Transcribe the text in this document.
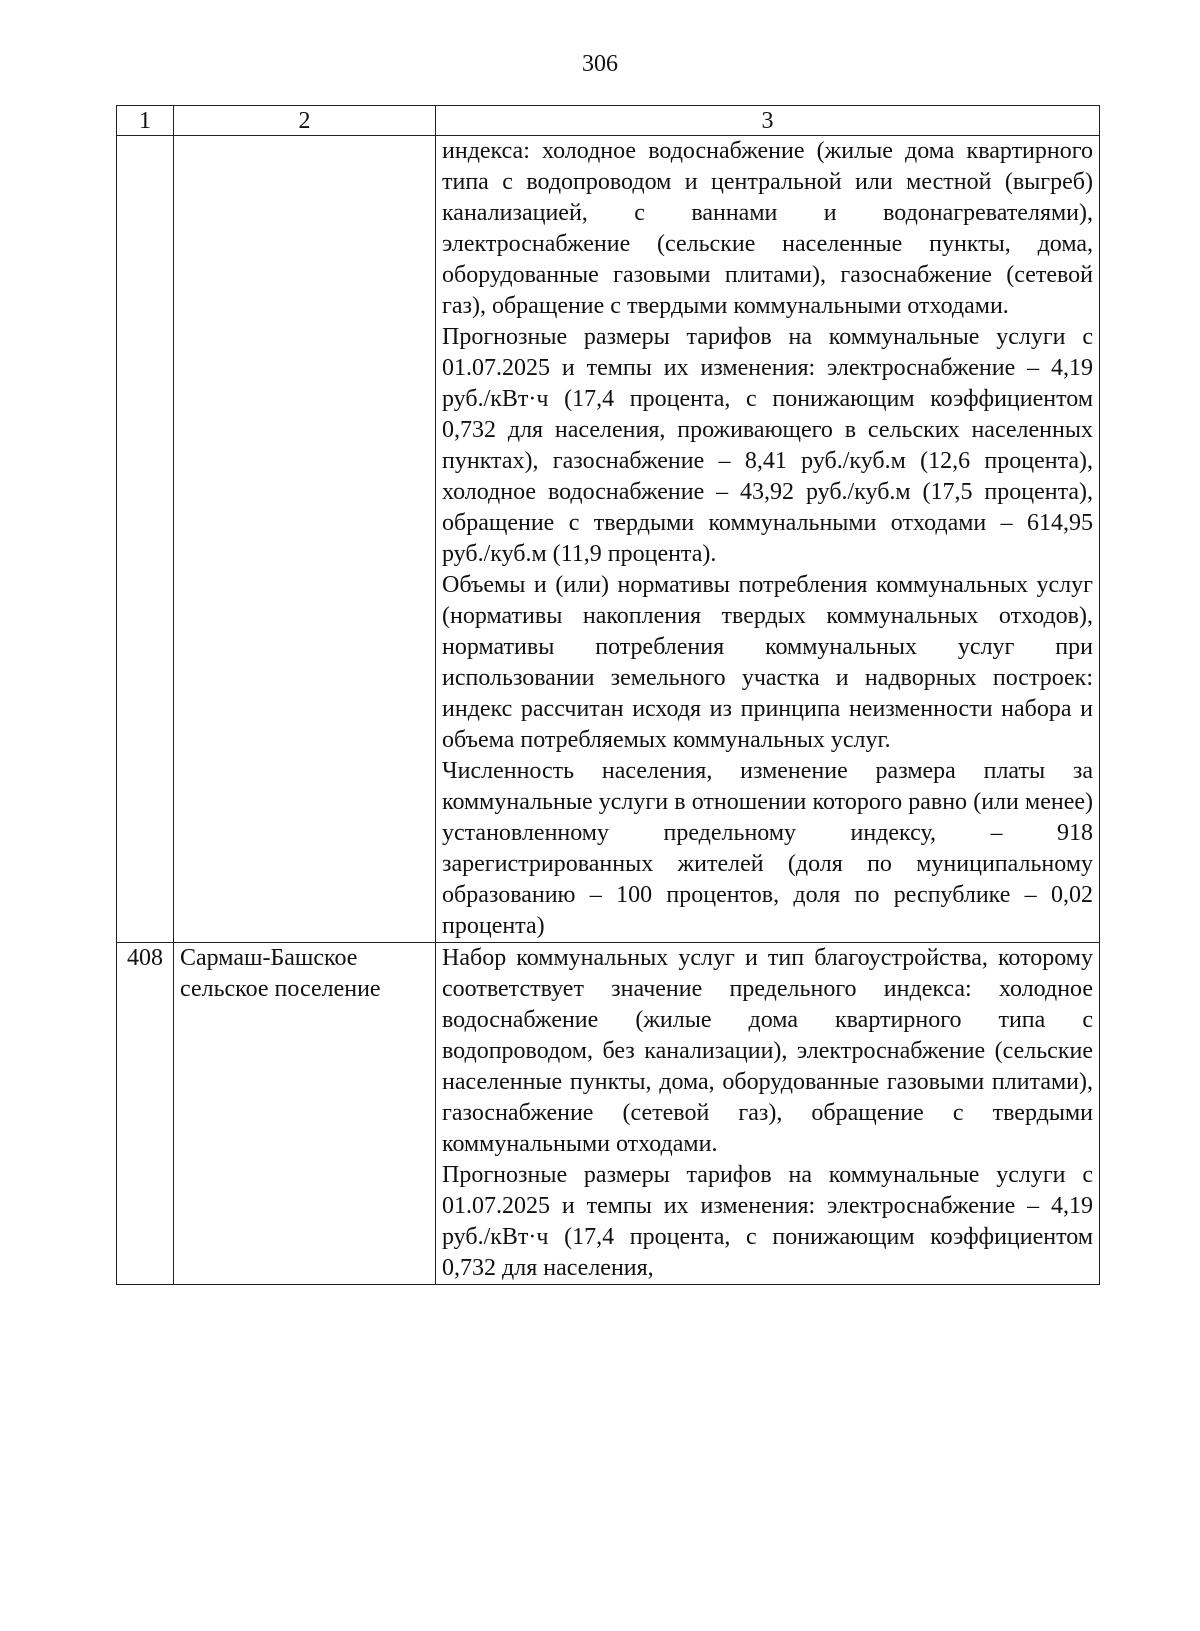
306
1	2	3

		индекса: холодное водоснабжение (жилые дома квартирного типа с водопроводом и центральной или местной (выгреб) канализацией, с ваннами и водонагревателями), электроснабжение (сельские населенные пункты, дома, оборудованные газовыми плитами), газоснабжение (сетевой газ), обращение с твердыми коммунальными отходами.

Прогнозные размеры тарифов на коммунальные услуги с 01.07.2025 и темпы их изменения: электроснабжение – 4,19 руб./кВт·ч (17,4 процента, с понижающим коэффициентом 0,732 для населения, проживающего в сельских населенных пунктах), газоснабжение – 8,41 руб./куб.м (12,6 процента), холодное водоснабжение – 43,92 руб./куб.м (17,5 процента), обращение с твердыми коммунальными отходами – 614,95 руб./куб.м (11,9 процента).

Объемы и (или) нормативы потребления коммунальных услуг (нормативы накопления твердых коммунальных отходов), нормативы потребления коммунальных услуг при использовании земельного участка и надворных построек: индекс рассчитан исходя из принципа неизменности набора и объема потребляемых коммунальных услуг.

Численность населения, изменение размера платы за коммунальные услуги в отношении которого равно (или менее) установленному предельному индексу, – 918 зарегистрированных жителей (доля по муниципальному образованию – 100 процентов, доля по республике – 0,02 процента)

408	Сармаш-Башское сельское поселение	Набор коммунальных услуг и тип благоустройства, которому соответствует значение предельного индекса: холодное водоснабжение (жилые дома квартирного типа с водопроводом, без канализации), электроснабжение (сельские населенные пункты, дома, оборудованные газовыми плитами), газоснабжение (сетевой газ), обращение с твердыми коммунальными отходами.

Прогнозные размеры тарифов на коммунальные услуги с 01.07.2025 и темпы их изменения: электроснабжение – 4,19 руб./кВт·ч (17,4 процента, с понижающим коэффициентом 0,732 для населения,
